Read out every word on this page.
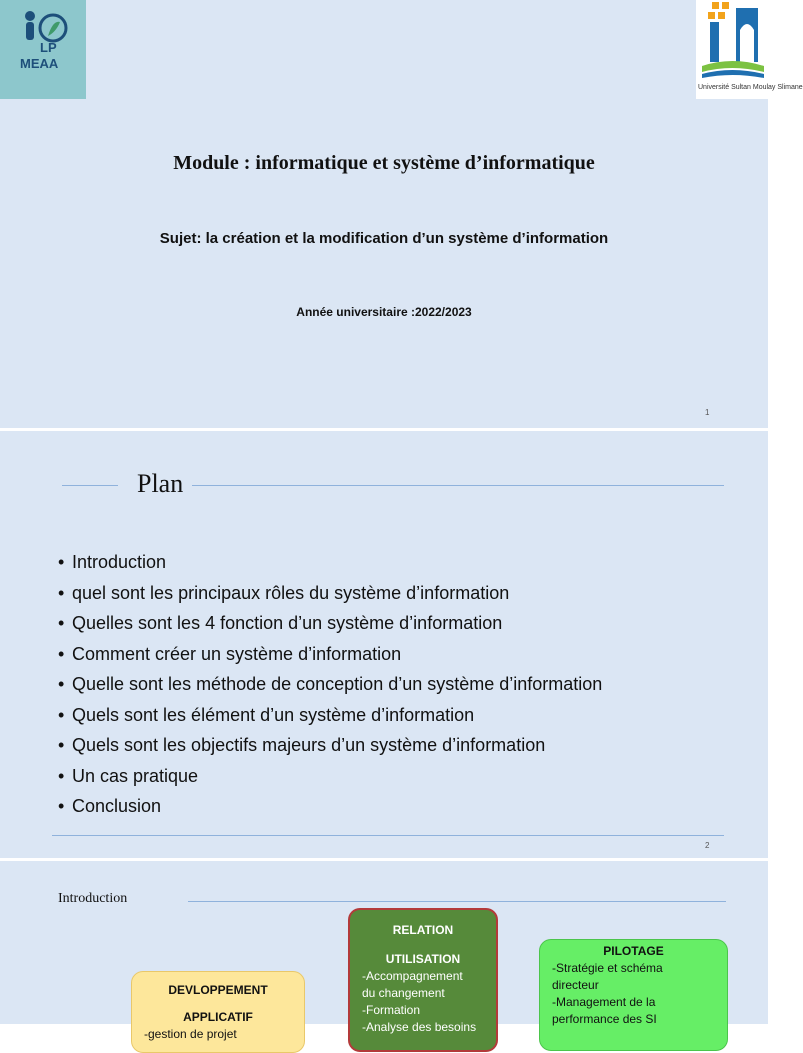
LP
MEAA
Université Sultan Moulay Slimane
Module : informatique et système d’informatique
Sujet: la création et la modification d’un système d’information
Année universitaire :2022/2023
1
Plan
• Introduction
• quel sont les principaux rôles du système d’information
• Quelles sont les 4 fonction d’un système d’information
• Comment créer un système d’information
• Quelle sont les méthode de conception d’un système d’information
• Quels sont les élément d’un système d’information
• Quels sont les objectifs majeurs d’un système d’information
• Un cas pratique
• Conclusion
2
Introduction
DEVLOPPEMENT
APPLICATIF
-gestion de projet
RELATION
UTILISATION
-Accompagnement
du changement
-Formation
-Analyse des besoins
PILOTAGE
-Stratégie et schéma
directeur
-Management de la
performance des SI
